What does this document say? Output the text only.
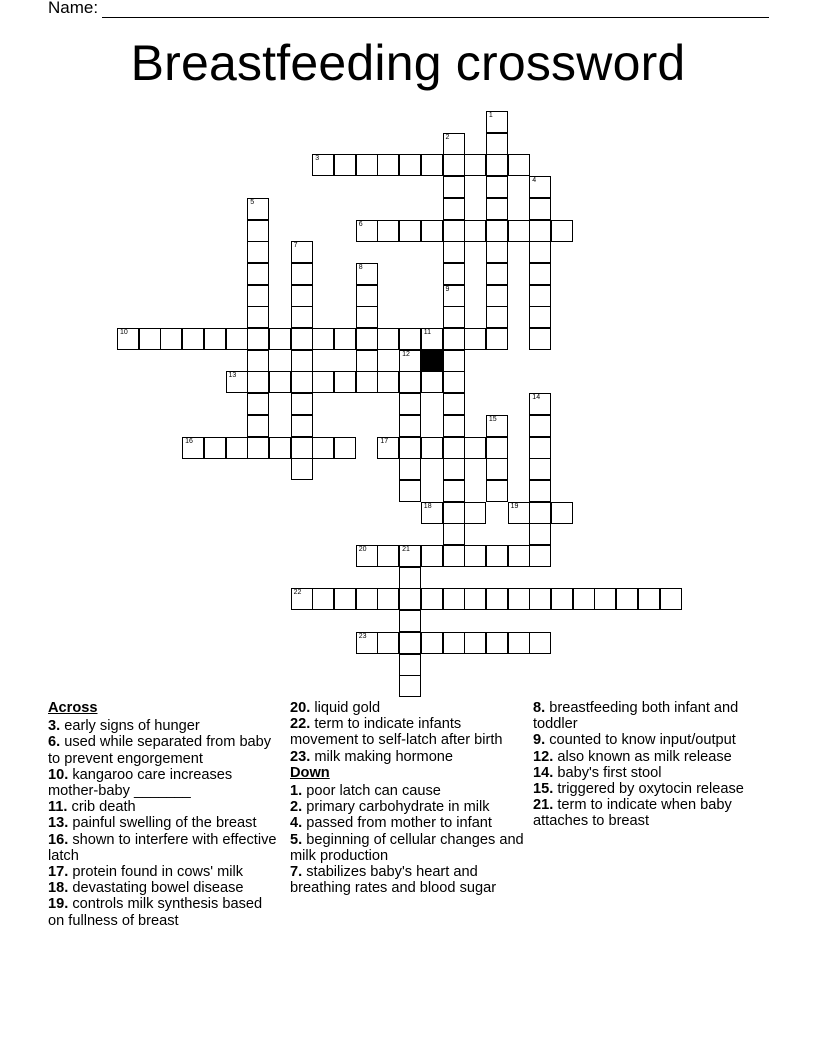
Name:
Breastfeeding crossword
3
6
10	11
13
16	17
18	19
20	21
22
23
1
2
4
5
7
8
9
12
14
15
Across
3. early signs of hunger
6. used while separated from baby to prevent engorgement
10. kangaroo care increases mother-baby _______
11. crib death
13. painful swelling of the breast
16. shown to interfere with effective latch
17. protein found in cows' milk
18. devastating bowel disease
19. controls milk synthesis based on fullness of breast
20. liquid gold
22. term to indicate infants movement to self-latch after birth
23. milk making hormone
Down
1. poor latch can cause
2. primary carbohydrate in milk
4. passed from mother to infant
5. beginning of cellular changes and milk production
7. stabilizes baby's heart and breathing rates and blood sugar
8. breastfeeding both infant and toddler
9. counted to know input/output
12. also known as milk release
14. baby's first stool
15. triggered by oxytocin release
21. term to indicate when baby attaches to breast
